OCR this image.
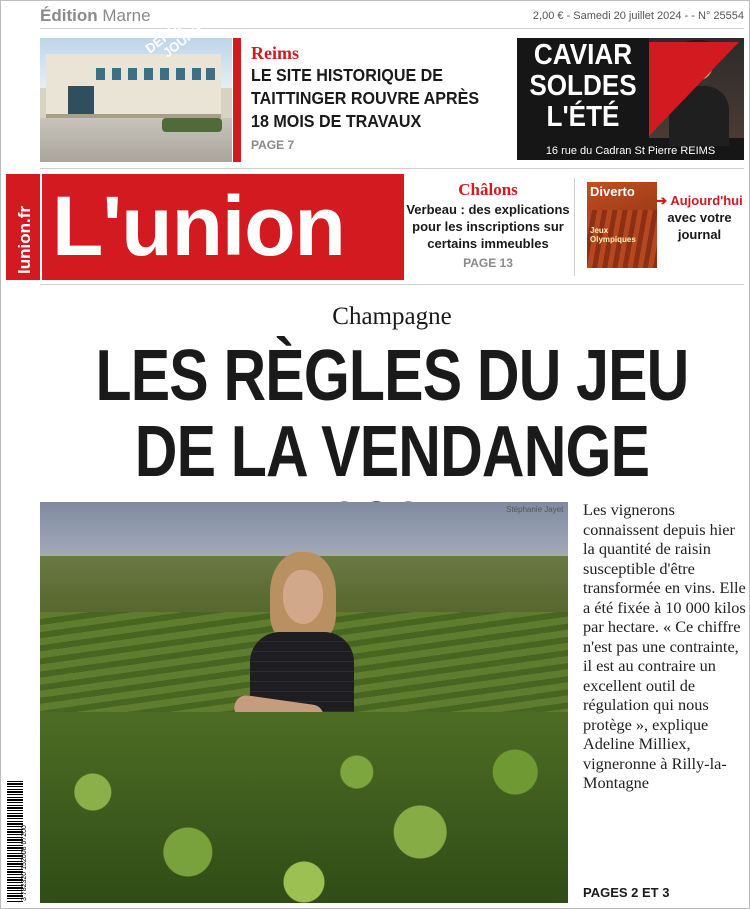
Édition Marne	2,00 € - Samedi 20 juillet 2024 - - N° 25554
Reims
LE SITE HISTORIQUE DE TAITTINGER ROUVRE APRÈS 18 MOIS DE TRAVAUX
PAGE 7
CAVIAR
SOLDES
L'ÉTÉ
16 rue du Cadran St Pierre REIMS
DERNIERS JOURS
lunion.fr L'union	Châlons
Verbeau : des explications pour les inscriptions sur certains immeubles
PAGE 13
Diverto
Jeux Olympiques
➔ Aujourd'hui
avec votre journal
Champagne
LES RÈGLES DU JEU
DE LA VENDANGE
Stéphanie Jayet Les vignerons connaissent depuis hier la quantité de raisin susceptible d'être transformée en vins. Elle a été fixée à 10 000 kilos par hectare. « Ce chiffre n'est pas une contrainte, il est au contraire un excellent outil de régulation qui nous protège », explique Adeline Milliex, vigneronne à Rilly-la-Montagne
PAGES 2 ET 3
3 782320 152008 07200
